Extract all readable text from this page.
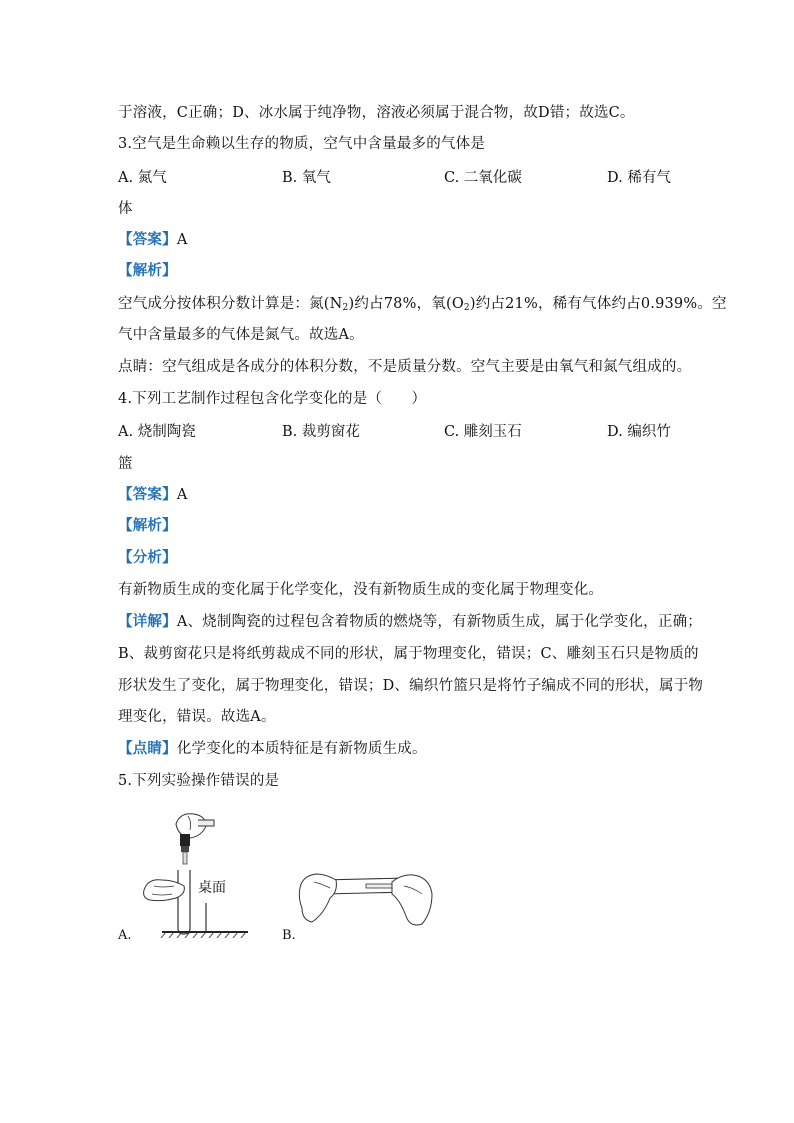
于溶液，C正确；D、冰水属于纯净物，溶液必须属于混合物，故D错；故选C。
3.空气是生命赖以生存的物质，空气中含量最多的气体是
A. 氮气	B. 氧气	C. 二氧化碳	D. 稀有气
体
【答案】A
【解析】
空气成分按体积分数计算是：氮$(N_2)$约占78%，氧$(O_2)$约占21%，稀有气体约占0.939%。空
气中含量最多的气体是氮气。故选A。
点睛：空气组成是各成分的体积分数，不是质量分数。空气主要是由氧气和氮气组成的。
4.下列工艺制作过程包含化学变化的是（　　）
A. 烧制陶瓷	B. 裁剪窗花	C. 雕刻玉石	D. 编织竹
篮
【答案】A
【解析】
【分析】
有新物质生成的变化属于化学变化，没有新物质生成的变化属于物理变化。
【详解】A、烧制陶瓷的过程包含着物质的燃烧等，有新物质生成，属于化学变化，正确；
B、裁剪窗花只是将纸剪裁成不同的形状，属于物理变化，错误；C、雕刻玉石只是物质的
形状发生了变化，属于物理变化，错误；D、编织竹篮只是将竹子编成不同的形状，属于物
理变化，错误。故选A。
【点睛】化学变化的本质特征是有新物质生成。
5.下列实验操作错误的是
桌面
A.	B.
